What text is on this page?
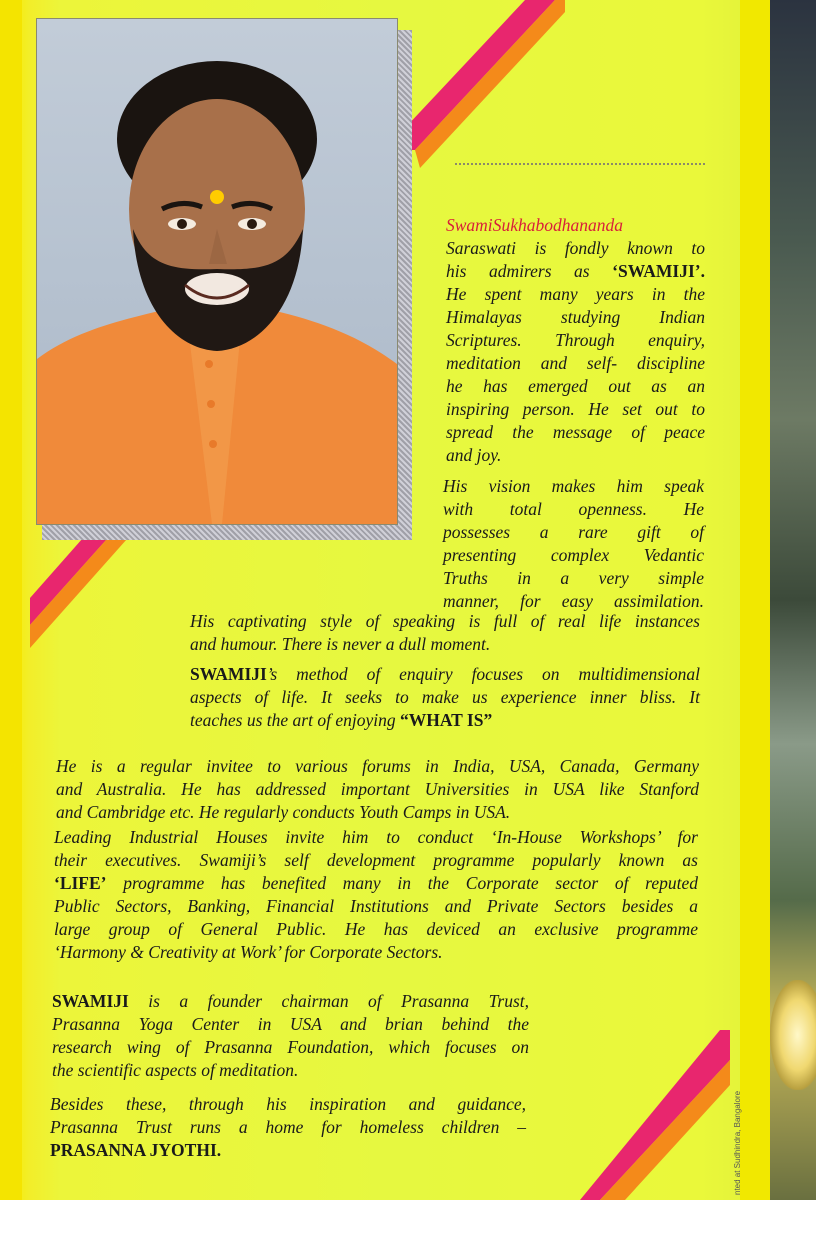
SwamiSukhabodhananda
Saraswati is fondly known to
his admirers as ‘SWAMIJI’.
He spent many years in the
Himalayas studying Indian
Scriptures. Through enquiry,
meditation and self- discipline
he has emerged out as an
inspiring person. He set out to
spread the message of peace
and joy.
His vision makes him speak
with total openness. He
possesses a rare gift of
presenting complex Vedantic
Truths in a very simple
manner, for easy assimilation.
His captivating style of speaking is full of real life instances
and humour. There is never a dull moment.
SWAMIJI’s method of enquiry focuses on multidimensional
aspects of life. It seeks to make us experience inner bliss. It
teaches us the art of enjoying “WHAT IS”
He is a regular invitee to various forums in India, USA, Canada, Germany
and Australia. He has addressed important Universities in USA like Stanford
and Cambridge etc. He regularly conducts Youth Camps in USA.
Leading Industrial Houses invite him to conduct ‘In-House Workshops’ for
their executives. Swamiji’s self development programme popularly known as
‘LIFE’ programme has benefited many in the Corporate sector of reputed
Public Sectors, Banking, Financial Institutions and Private Sectors besides a
large group of General Public. He has deviced an exclusive programme
‘Harmony & Creativity at Work’ for Corporate Sectors.
SWAMIJI is a founder chairman of Prasanna Trust,
Prasanna Yoga Center in USA and brian behind the
research wing of Prasanna Foundation, which focuses on
the scientific aspects of meditation.
Besides these, through his inspiration and guidance,
Prasanna Trust runs a home for homeless children –
PRASANNA JYOTHI.	nted at Sudhindra, Bangalore
